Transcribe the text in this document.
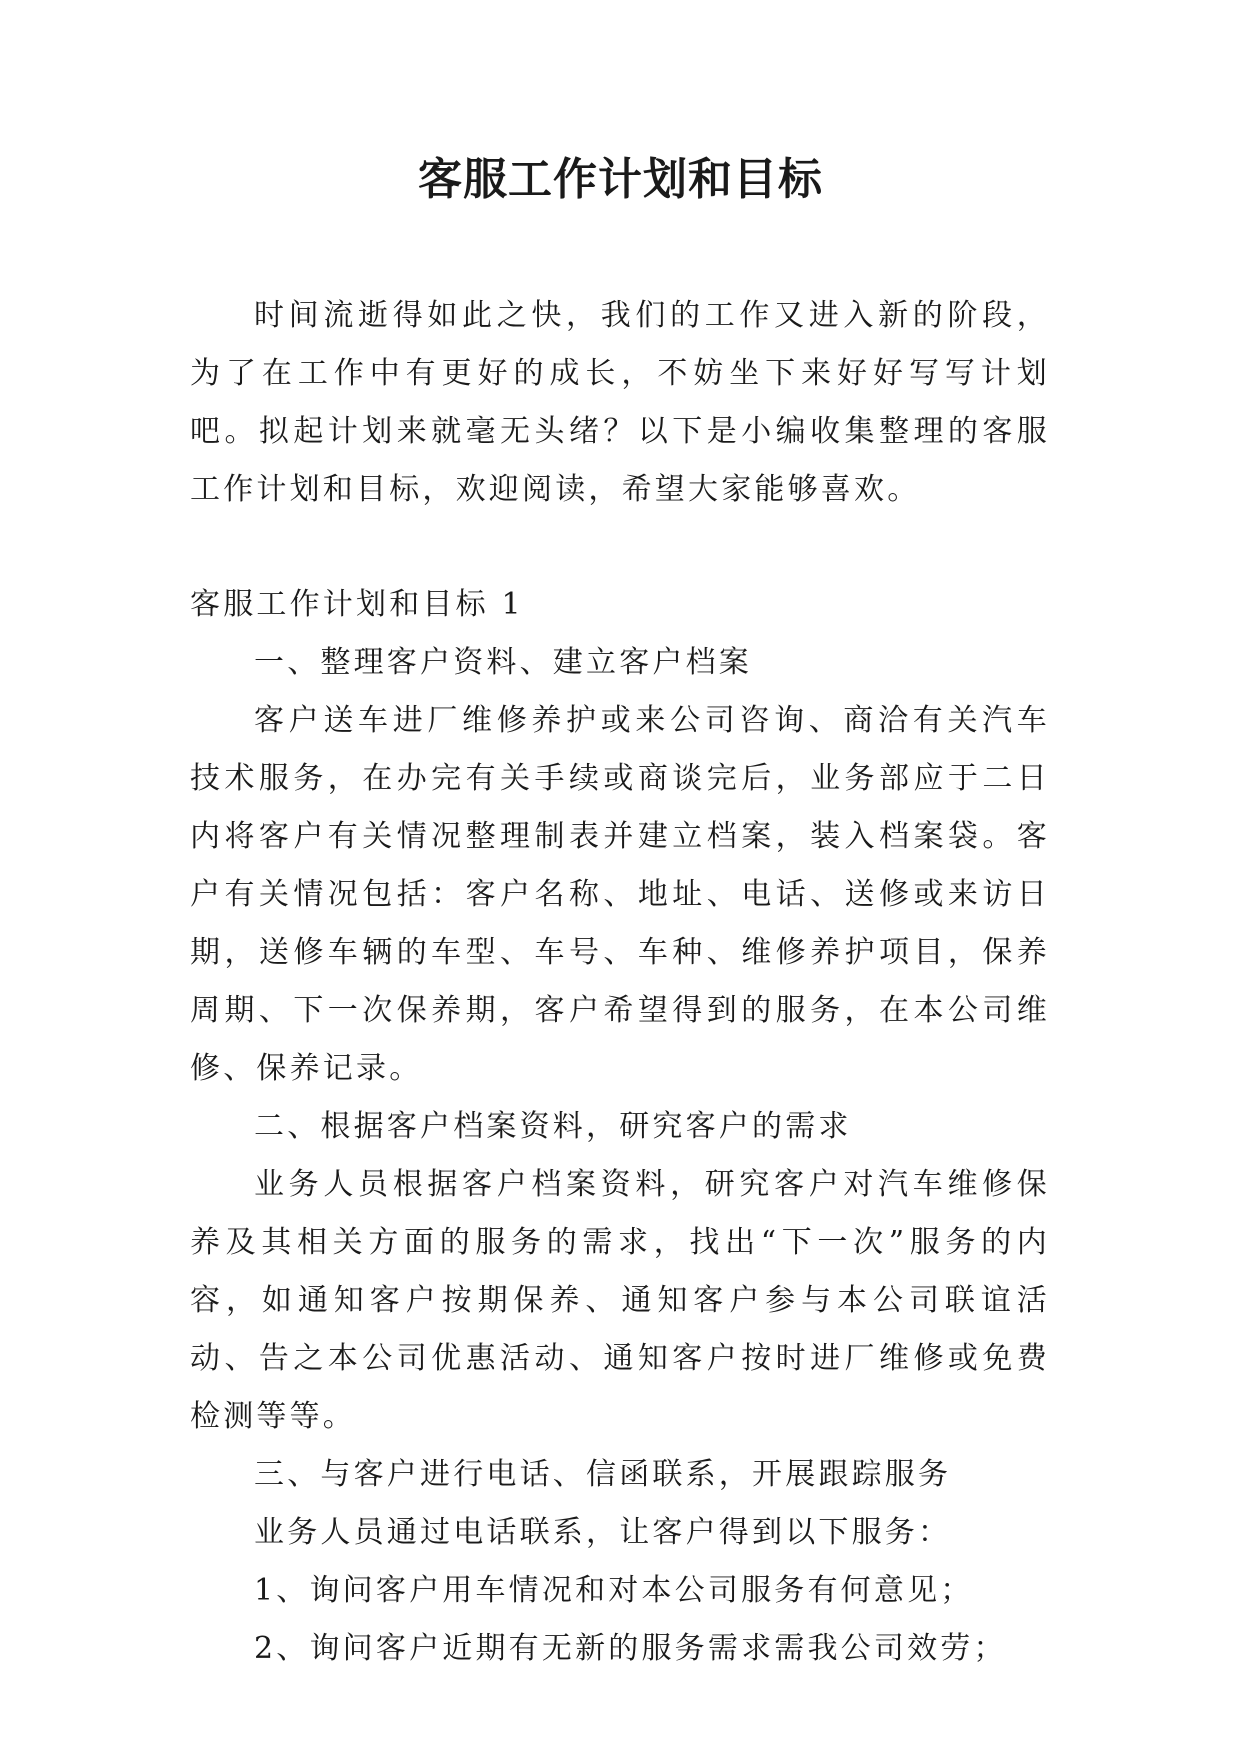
客服工作计划和目标

时间流逝得如此之快，我们的工作又进入新的阶段，为了在工作中有更好的成长，不妨坐下来好好写写计划吧。拟起计划来就毫无头绪？以下是小编收集整理的客服工作计划和目标，欢迎阅读，希望大家能够喜欢。

客服工作计划和目标 1

一、整理客户资料、建立客户档案

客户送车进厂维修养护或来公司咨询、商洽有关汽车技术服务，在办完有关手续或商谈完后，业务部应于二日内将客户有关情况整理制表并建立档案，装入档案袋。客户有关情况包括：客户名称、地址、电话、送修或来访日期，送修车辆的车型、车号、车种、维修养护项目，保养周期、下一次保养期，客户希望得到的服务，在本公司维修、保养记录。

二、根据客户档案资料，研究客户的需求

业务人员根据客户档案资料，研究客户对汽车维修保养及其相关方面的服务的需求，找出“下一次”服务的内容，如通知客户按期保养、通知客户参与本公司联谊活动、告之本公司优惠活动、通知客户按时进厂维修或免费检测等等。

三、与客户进行电话、信函联系，开展跟踪服务

业务人员通过电话联系，让客户得到以下服务：

1、询问客户用车情况和对本公司服务有何意见；

2、询问客户近期有无新的服务需求需我公司效劳；
